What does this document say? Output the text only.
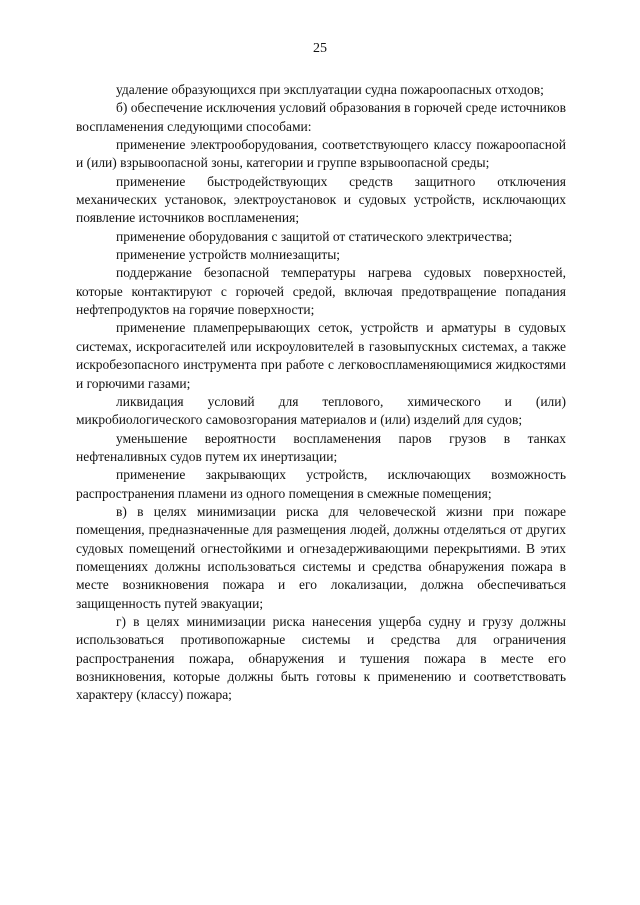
25

удаление образующихся при эксплуатации судна пожароопасных отходов;

б) обеспечение исключения условий образования в горючей среде источников воспламенения следующими способами:

применение электрооборудования, соответствующего классу пожароопасной и (или) взрывоопасной зоны, категории и группе взрывоопасной среды;

применение быстродействующих средств защитного отключения механических установок, электроустановок и судовых устройств, исключающих появление источников воспламенения;

применение оборудования с защитой от статического электричества;

применение устройств молниезащиты;

поддержание безопасной температуры нагрева судовых поверхностей, которые контактируют с горючей средой, включая предотвращение попадания нефтепродуктов на горячие поверхности;

применение пламепрерывающих сеток, устройств и арматуры в судовых системах, искрогасителей или искроуловителей в газовыпускных системах, а также искробезопасного инструмента при работе с легковоспламеняющимися жидкостями и горючими газами;

ликвидация условий для теплового, химического и (или) микробиологического самовозгорания материалов и (или) изделий для судов;

уменьшение вероятности воспламенения паров грузов в танках нефтеналивных судов путем их инертизации;

применение закрывающих устройств, исключающих возможность распространения пламени из одного помещения в смежные помещения;

в) в целях минимизации риска для человеческой жизни при пожаре помещения, предназначенные для размещения людей, должны отделяться от других судовых помещений огнестойкими и огнезадерживающими перекрытиями. В этих помещениях должны использоваться системы и средства обнаружения пожара в месте возникновения пожара и его локализации, должна обеспечиваться защищенность путей эвакуации;

г) в целях минимизации риска нанесения ущерба судну и грузу должны использоваться противопожарные системы и средства для ограничения распространения пожара, обнаружения и тушения пожара в месте его возникновения, которые должны быть готовы к применению и соответствовать характеру (классу) пожара;
